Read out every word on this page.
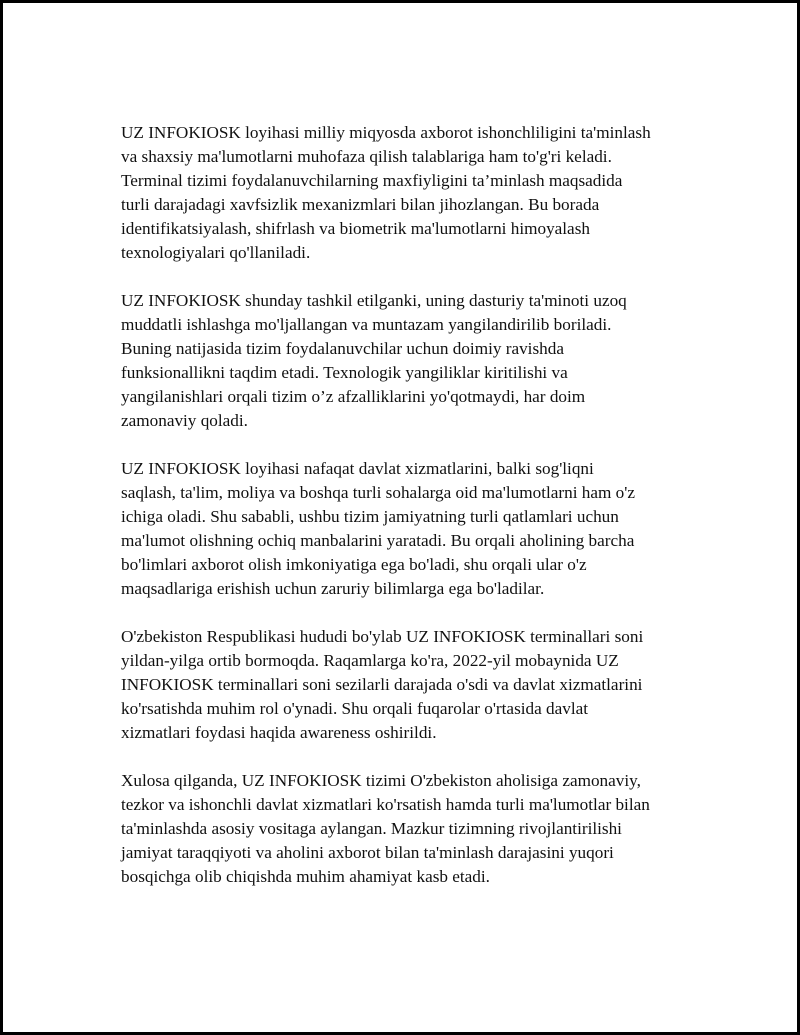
UZ INFOKIOSK loyihasi milliy miqyosda axborot ishonchliligini ta'minlash
va shaxsiy ma'lumotlarni muhofaza qilish talablariga ham to'g'ri keladi.
Terminal tizimi foydalanuvchilarning maxfiyligini ta’minlash maqsadida
turli darajadagi xavfsizlik mexanizmlari bilan jihozlangan. Bu borada
identifikatsiyalash, shifrlash va biometrik ma'lumotlarni himoyalash
texnologiyalari qo'llaniladi.

UZ INFOKIOSK shunday tashkil etilganki, uning dasturiy ta'minoti uzoq
muddatli ishlashga mo'ljallangan va muntazam yangilandirilib boriladi.
Buning natijasida tizim foydalanuvchilar uchun doimiy ravishda
funksionallikni taqdim etadi. Texnologik yangiliklar kiritilishi va
yangilanishlari orqali tizim o’z afzalliklarini yo'qotmaydi, har doim
zamonaviy qoladi.

UZ INFOKIOSK loyihasi nafaqat davlat xizmatlarini, balki sog'liqni
saqlash, ta'lim, moliya va boshqa turli sohalarga oid ma'lumotlarni ham o'z
ichiga oladi. Shu sababli, ushbu tizim jamiyatning turli qatlamlari uchun
ma'lumot olishning ochiq manbalarini yaratadi. Bu orqali aholining barcha
bo'limlari axborot olish imkoniyatiga ega bo'ladi, shu orqali ular o'z
maqsadlariga erishish uchun zaruriy bilimlarga ega bo'ladilar.

O'zbekiston Respublikasi hududi bo'ylab UZ INFOKIOSK terminallari soni
yildan-yilga ortib bormoqda. Raqamlarga ko'ra, 2022-yil mobaynida UZ
INFOKIOSK terminallari soni sezilarli darajada o'sdi va davlat xizmatlarini
ko'rsatishda muhim rol o'ynadi. Shu orqali fuqarolar o'rtasida davlat
xizmatlari foydasi haqida awareness oshirildi.

Xulosa qilganda, UZ INFOKIOSK tizimi O'zbekiston aholisiga zamonaviy,
tezkor va ishonchli davlat xizmatlari ko'rsatish hamda turli ma'lumotlar bilan
ta'minlashda asosiy vositaga aylangan. Mazkur tizimning rivojlantirilishi
jamiyat taraqqiyoti va aholini axborot bilan ta'minlash darajasini yuqori
bosqichga olib chiqishda muhim ahamiyat kasb etadi.
